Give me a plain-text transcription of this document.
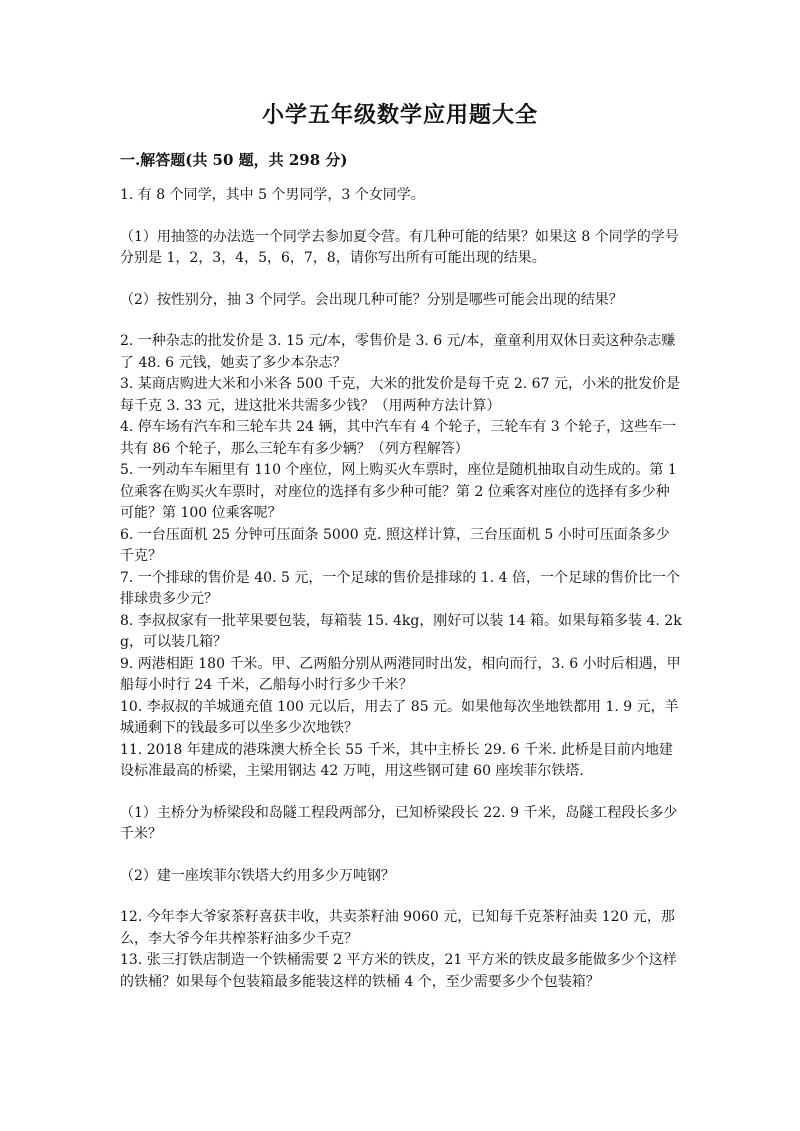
小学五年级数学应用题大全
一.解答题(共 50 题，共 298 分)

1. 有 8 个同学，其中 5 个男同学，3 个女同学。

（1）用抽签的办法选一个同学去参加夏令营。有几种可能的结果？如果这 8 个同学的学号分别是 1，2，3，4，5，6，7，8，请你写出所有可能出现的结果。

（2）按性别分，抽 3 个同学。会出现几种可能？分别是哪些可能会出现的结果？

2. 一种杂志的批发价是 3. 15 元/本，零售价是 3. 6 元/本，童童利用双休日卖这种杂志赚了 48. 6 元钱，她卖了多少本杂志？

3. 某商店购进大米和小米各 500 千克，大米的批发价是每千克 2. 67 元，小米的批发价是每千克 3. 33 元，进这批米共需多少钱？（用两种方法计算）

4. 停车场有汽车和三轮车共 24 辆，其中汽车有 4 个轮子，三轮车有 3 个轮子，这些车一共有 86 个轮子，那么三轮车有多少辆？（列方程解答）

5. 一列动车车厢里有 110 个座位，网上购买火车票时，座位是随机抽取自动生成的。第 1 位乘客在购买火车票时，对座位的选择有多少种可能？第 2 位乘客对座位的选择有多少种可能？第 100 位乘客呢？

6. 一台压面机 25 分钟可压面条 5000 克. 照这样计算，三台压面机 5 小时可压面条多少千克？

7. 一个排球的售价是 40. 5 元，一个足球的售价是排球的 1. 4 倍，一个足球的售价比一个排球贵多少元？

8. 李叔叔家有一批苹果要包装，每箱装 15. 4kg，刚好可以装 14 箱。如果每箱多装 4. 2kg，可以装几箱？

9. 两港相距 180 千米。甲、乙两船分别从两港同时出发，相向而行，3. 6 小时后相遇，甲船每小时行 24 千米，乙船每小时行多少千米？

10. 李叔叔的羊城通充值 100 元以后，用去了 85 元。如果他每次坐地铁都用 1. 9 元，羊城通剩下的钱最多可以坐多少次地铁？

11. 2018 年建成的港珠澳大桥全长 55 千米，其中主桥长 29. 6 千米. 此桥是目前内地建设标准最高的桥梁，主梁用钢达 42 万吨，用这些钢可建 60 座埃菲尔铁塔.

（1）主桥分为桥梁段和岛隧工程段两部分，已知桥梁段长 22. 9 千米，岛隧工程段长多少千米？

（2）建一座埃菲尔铁塔大约用多少万吨钢？

12. 今年李大爷家茶籽喜获丰收，共卖茶籽油 9060 元，已知每千克茶籽油卖 120 元，那么，李大爷今年共榨茶籽油多少千克？

13. 张三打铁店制造一个铁桶需要 2 平方米的铁皮，21 平方米的铁皮最多能做多少个这样的铁桶？如果每个包装箱最多能装这样的铁桶 4 个，至少需要多少个包装箱？
